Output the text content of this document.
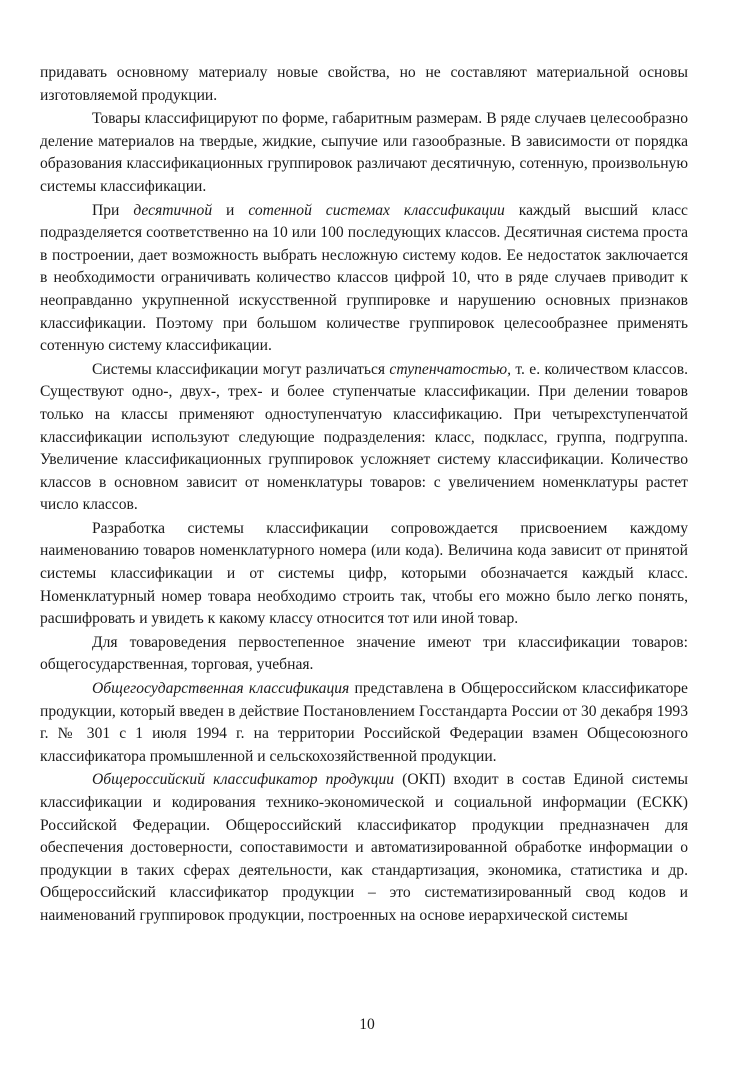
придавать основному материалу новые свойства, но не составляют материальной основы изготовляемой продукции.

Товары классифицируют по форме, габаритным размерам. В ряде случаев целесообразно деление материалов на твердые, жидкие, сыпучие или газообразные. В зависимости от порядка образования классификационных группировок различают десятичную, сотенную, произвольную системы классификации.

При десятичной и сотенной системах классификации каждый высший класс подразделяется соответственно на 10 или 100 последующих классов. Десятичная система проста в построении, дает возможность выбрать несложную систему кодов. Ее недостаток заключается в необходимости ограничивать количество классов цифрой 10, что в ряде случаев приводит к неоправданно укрупненной искусственной группировке и нарушению основных признаков классификации. Поэтому при большом количестве группировок целесообразнее применять сотенную систему классификации.

Системы классификации могут различаться ступенчатостью, т. е. количеством классов. Существуют одно-, двух-, трех- и более ступенчатые классификации. При делении товаров только на классы применяют одноступенчатую классификацию. При четырехступенчатой классификации используют следующие подразделения: класс, подкласс, группа, подгруппа. Увеличение классификационных группировок усложняет систему классификации. Количество классов в основном зависит от номенклатуры товаров: с увеличением номенклатуры растет число классов.

Разработка системы классификации сопровождается присвоением каждому наименованию товаров номенклатурного номера (или кода). Величина кода зависит от принятой системы классификации и от системы цифр, которыми обозначается каждый класс. Номенклатурный номер товара необходимо строить так, чтобы его можно было легко понять, расшифровать и увидеть к какому классу относится тот или иной товар.

Для товароведения первостепенное значение имеют три классификации товаров: общегосударственная, торговая, учебная.

Общегосударственная классификация представлена в Общероссийском классификаторе продукции, который введен в действие Постановлением Госстандарта России от 30 декабря 1993 г. № 301 с 1 июля 1994 г. на территории Российской Федерации взамен Общесоюзного классификатора промышленной и сельскохозяйственной продукции.

Общероссийский классификатор продукции (ОКП) входит в состав Единой системы классификации и кодирования технико-экономической и социальной информации (ЕСКК) Российской Федерации. Общероссийский классификатор продукции предназначен для обеспечения достоверности, сопоставимости и автоматизированной обработке информации о продукции в таких сферах деятельности, как стандартизация, экономика, статистика и др. Общероссийский классификатор продукции – это систематизированный свод кодов и наименований группировок продукции, построенных на основе иерархической системы

10
